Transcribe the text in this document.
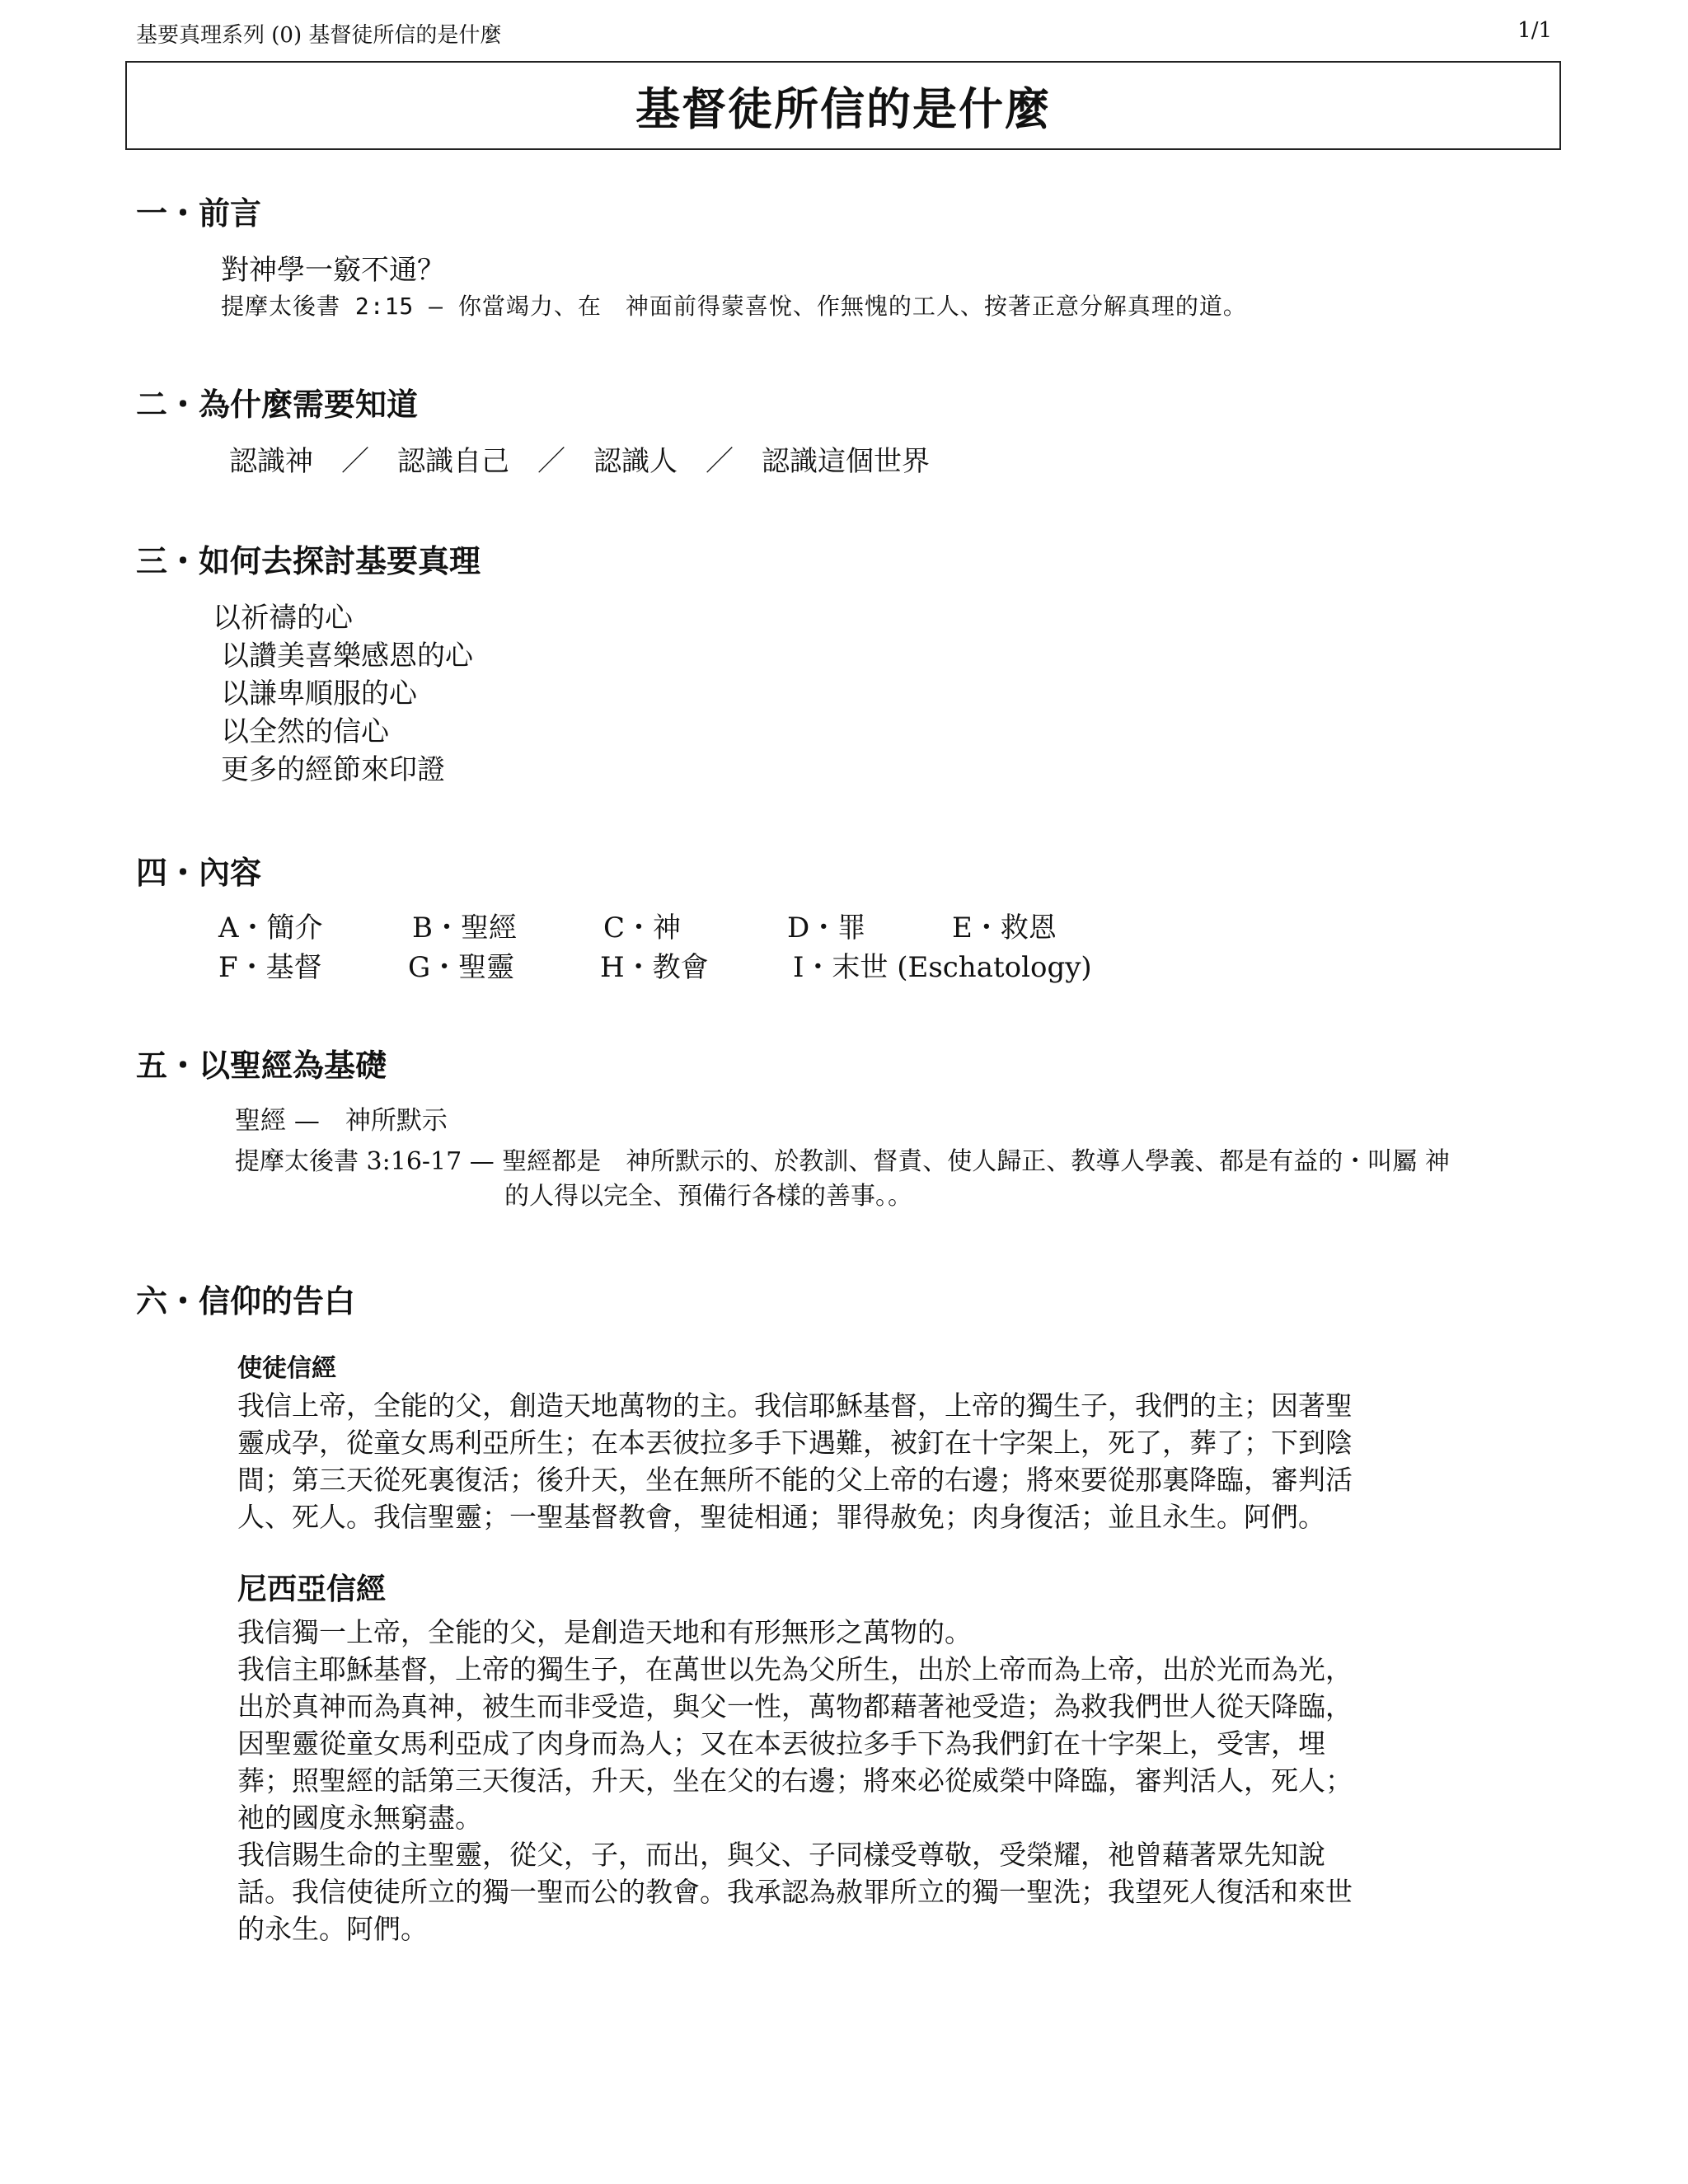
基要真理系列 (0) 基督徒所信的是什麼	1/1
基督徒所信的是什麼
一・前言
對神學一竅不通？
提摩太後書 2:15 — 你當竭力、在　神面前得蒙喜悅、作無愧的工人、按著正意分解真理的道。
二・為什麼需要知道
認識神　／　認識自己　／　認識人　／　認識這個世界
三・如何去探討基要真理
以祈禱的心
以讚美喜樂感恩的心
以謙卑順服的心
以全然的信心
更多的經節來印證
四・內容
A・簡介	B・聖經	C・神	D・罪	E・救恩
F・基督	G・聖靈	H・教會	I・末世 (Eschatology)
五・以聖經為基礎
聖經 —　神所默示
提摩太後書 3:16-17 — 聖經都是　神所默示的、於教訓、督責、使人歸正、教導人學義、都是有益的・叫屬 神
的人得以完全、預備行各樣的善事。。
六・信仰的告白
使徒信經
我信上帝，全能的父，創造天地萬物的主。我信耶穌基督，上帝的獨生子，我們的主；因著聖
靈成孕，從童女馬利亞所生；在本丟彼拉多手下遇難，被釘在十字架上，死了，葬了；下到陰
間；第三天從死裏復活；後升天，坐在無所不能的父上帝的右邊；將來要從那裏降臨，審判活
人、死人。我信聖靈；一聖基督教會，聖徒相通；罪得赦免；肉身復活；並且永生。阿們。
尼西亞信經
我信獨一上帝，全能的父，是創造天地和有形無形之萬物的。
我信主耶穌基督，上帝的獨生子，在萬世以先為父所生，出於上帝而為上帝，出於光而為光，
出於真神而為真神，被生而非受造，與父一性，萬物都藉著祂受造；為救我們世人從天降臨，
因聖靈從童女馬利亞成了肉身而為人；又在本丟彼拉多手下為我們釘在十字架上，受害，埋
葬；照聖經的話第三天復活，升天，坐在父的右邊；將來必從威榮中降臨，審判活人，死人；
祂的國度永無窮盡。
我信賜生命的主聖靈，從父，子，而出，與父、子同樣受尊敬，受榮耀，祂曾藉著眾先知說
話。我信使徒所立的獨一聖而公的教會。我承認為赦罪所立的獨一聖洗；我望死人復活和來世
的永生。阿們。
